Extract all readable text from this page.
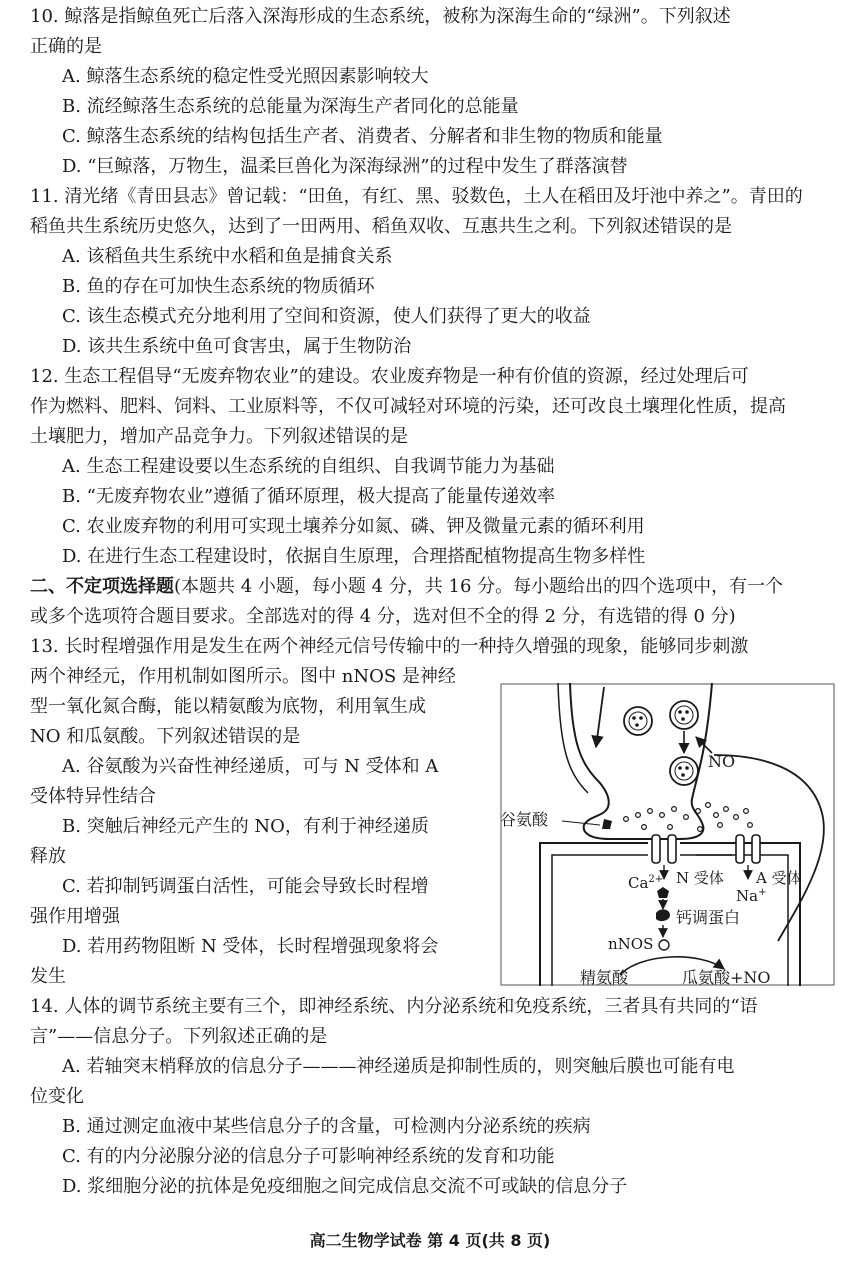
10. 鲸落是指鲸鱼死亡后落入深海形成的生态系统，被称为深海生命的“绿洲”。下列叙述
正确的是
A. 鲸落生态系统的稳定性受光照因素影响较大
B. 流经鲸落生态系统的总能量为深海生产者同化的总能量
C. 鲸落生态系统的结构包括生产者、消费者、分解者和非生物的物质和能量
D. “巨鲸落，万物生，温柔巨兽化为深海绿洲”的过程中发生了群落演替
11. 清光绪《青田县志》曾记载：“田鱼，有红、黑、驳数色，土人在稻田及圩池中养之”。青田的
稻鱼共生系统历史悠久，达到了一田两用、稻鱼双收、互惠共生之利。下列叙述错误的是
A. 该稻鱼共生系统中水稻和鱼是捕食关系
B. 鱼的存在可加快生态系统的物质循环
C. 该生态模式充分地利用了空间和资源，使人们获得了更大的收益
D. 该共生系统中鱼可食害虫，属于生物防治
12. 生态工程倡导“无废弃物农业”的建设。农业废弃物是一种有价值的资源，经过处理后可
作为燃料、肥料、饲料、工业原料等，不仅可减轻对环境的污染，还可改良土壤理化性质，提高
土壤肥力，增加产品竞争力。下列叙述错误的是
A. 生态工程建设要以生态系统的自组织、自我调节能力为基础
B. “无废弃物农业”遵循了循环原理，极大提高了能量传递效率
C. 农业废弃物的利用可实现土壤养分如氮、磷、钾及微量元素的循环利用
D. 在进行生态工程建设时，依据自生原理，合理搭配植物提高生物多样性
二、不定项选择题(本题共 4 小题，每小题 4 分，共 16 分。每小题给出的四个选项中，有一个
或多个选项符合题目要求。全部选对的得 4 分，选对但不全的得 2 分，有选错的得 0 分)
13. 长时程增强作用是发生在两个神经元信号传输中的一种持久增强的现象，能够同步刺激
两个神经元，作用机制如图所示。图中 nNOS 是神经
型一氧化氮合酶，能以精氨酸为底物，利用氧生成
NO 和瓜氨酸。下列叙述错误的是
A. 谷氨酸为兴奋性神经递质，可与 N 受体和 A
受体特异性结合
B. 突触后神经元产生的 NO，有利于神经递质
释放
C. 若抑制钙调蛋白活性，可能会导致长时程增
强作用增强
D. 若用药物阻断 N 受体，长时程增强现象将会
发生
NO
谷氨酸
$Ca^{2+}$ N 受体 A 受体
Na+
钙调蛋白
nNOS
精氨酸	瓜氨酸+NO
14. 人体的调节系统主要有三个，即神经系统、内分泌系统和免疫系统，三者具有共同的“语
言”——信息分子。下列叙述正确的是
A. 若轴突末梢释放的信息分子———神经递质是抑制性质的，则突触后膜也可能有电
位变化
B. 通过测定血液中某些信息分子的含量，可检测内分泌系统的疾病
C. 有的内分泌腺分泌的信息分子可影响神经系统的发育和功能
D. 浆细胞分泌的抗体是免疫细胞之间完成信息交流不可或缺的信息分子
高二生物学试卷 第 4 页(共 8 页)
